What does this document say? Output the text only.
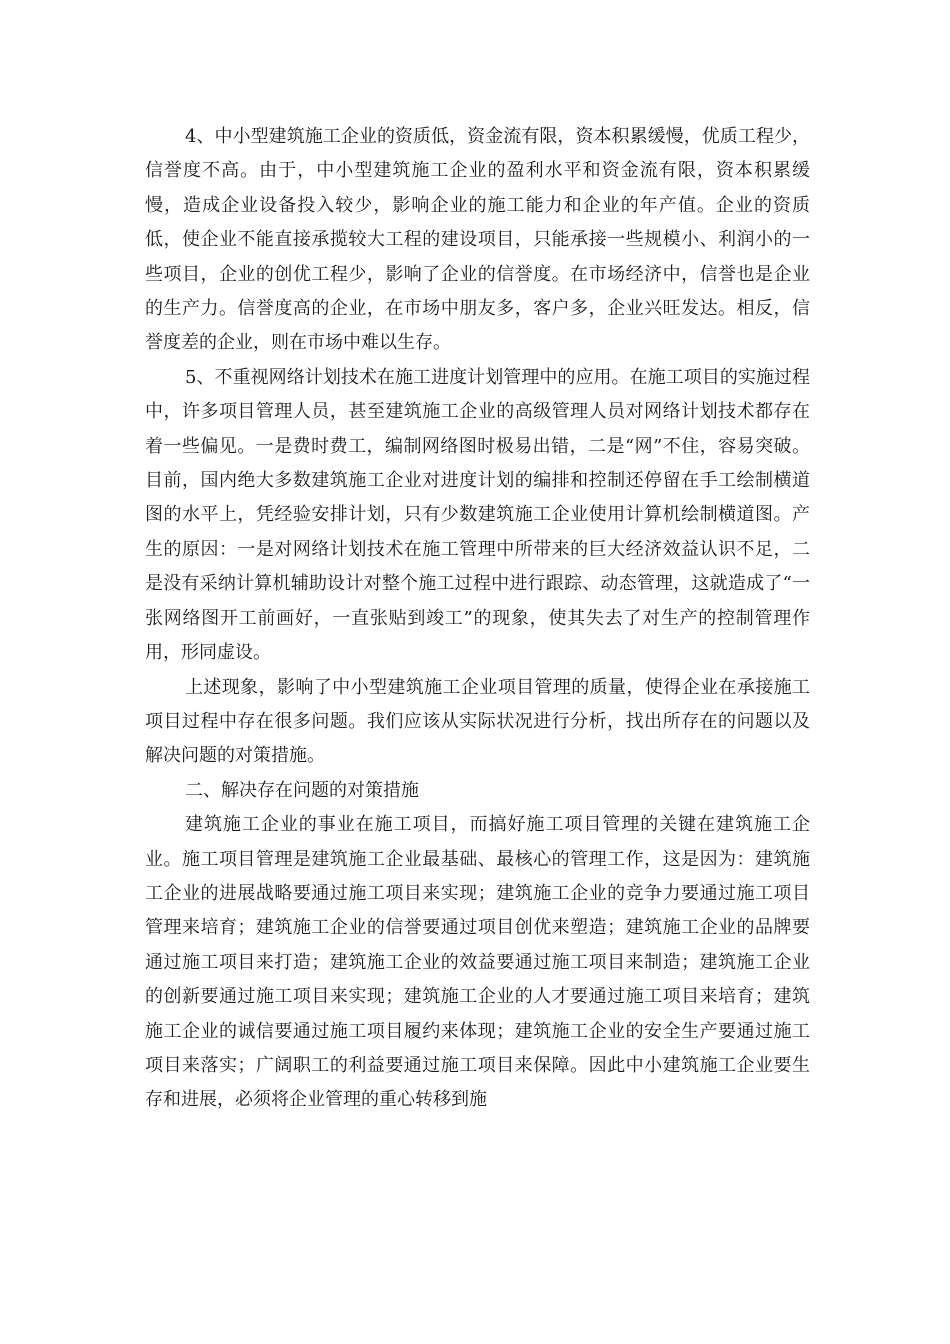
4、中小型建筑施工企业的资质低，资金流有限，资本积累缓慢，优质工程少，信誉度不高。由于，中小型建筑施工企业的盈利水平和资金流有限，资本积累缓慢，造成企业设备投入较少，影响企业的施工能力和企业的年产值。企业的资质低，使企业不能直接承揽较大工程的建设项目，只能承接一些规模小、利润小的一些项目，企业的创优工程少，影响了企业的信誉度。在市场经济中，信誉也是企业的生产力。信誉度高的企业，在市场中朋友多，客户多，企业兴旺发达。相反，信誉度差的企业，则在市场中难以生存。

5、不重视网络计划技术在施工进度计划管理中的应用。在施工项目的实施过程中，许多项目管理人员，甚至建筑施工企业的高级管理人员对网络计划技术都存在着一些偏见。一是费时费工，编制网络图时极易出错，二是“网”不住，容易突破。目前，国内绝大多数建筑施工企业对进度计划的编排和控制还停留在手工绘制横道图的水平上，凭经验安排计划，只有少数建筑施工企业使用计算机绘制横道图。产生的原因：一是对网络计划技术在施工管理中所带来的巨大经济效益认识不足，二是没有采纳计算机辅助设计对整个施工过程中进行跟踪、动态管理，这就造成了“一张网络图开工前画好，一直张贴到竣工”的现象，使其失去了对生产的控制管理作用，形同虚设。

上述现象，影响了中小型建筑施工企业项目管理的质量，使得企业在承接施工项目过程中存在很多问题。我们应该从实际状况进行分析，找出所存在的问题以及解决问题的对策措施。

二、解决存在问题的对策措施

建筑施工企业的事业在施工项目，而搞好施工项目管理的关键在建筑施工企业。施工项目管理是建筑施工企业最基础、最核心的管理工作，这是因为：建筑施工企业的进展战略要通过施工项目来实现；建筑施工企业的竞争力要通过施工项目管理来培育；建筑施工企业的信誉要通过项目创优来塑造；建筑施工企业的品牌要通过施工项目来打造；建筑施工企业的效益要通过施工项目来制造；建筑施工企业的创新要通过施工项目来实现；建筑施工企业的人才要通过施工项目来培育；建筑施工企业的诚信要通过施工项目履约来体现；建筑施工企业的安全生产要通过施工项目来落实；广阔职工的利益要通过施工项目来保障。因此中小建筑施工企业要生存和进展，必须将企业管理的重心转移到施
